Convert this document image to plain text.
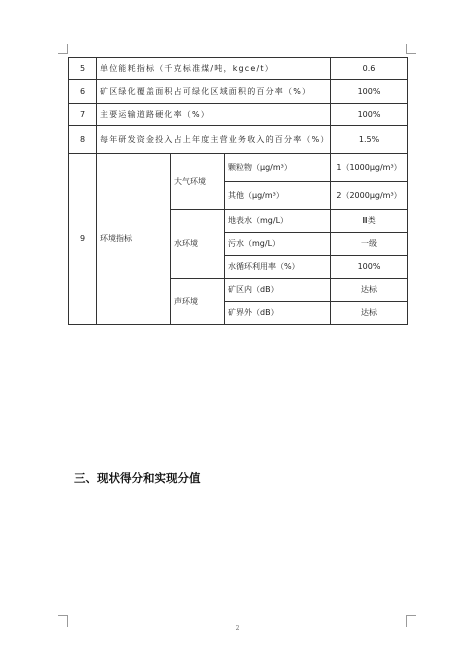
5	单位能耗指标（千克标准煤/吨，kgce/t）			0.6
6	矿区绿化覆盖面积占可绿化区域面积的百分率（%）			100%
7	主要运输道路硬化率（%）			100%
8	每年研发资金投入占上年度主营业务收入的百分率（%）			1.5%
9	环境指标	大气环境	颗粒物（μg/m³）	1（1000μg/m³）
			其他（μg/m³）	2（2000μg/m³）
		水环境	地表水（mg/L）	Ⅲ类
			污水（mg/L）	一级
			水循环利用率（%）	100%
		声环境	矿区内（dB）	达标
			矿界外（dB）	达标
三、现状得分和实现分值
2
